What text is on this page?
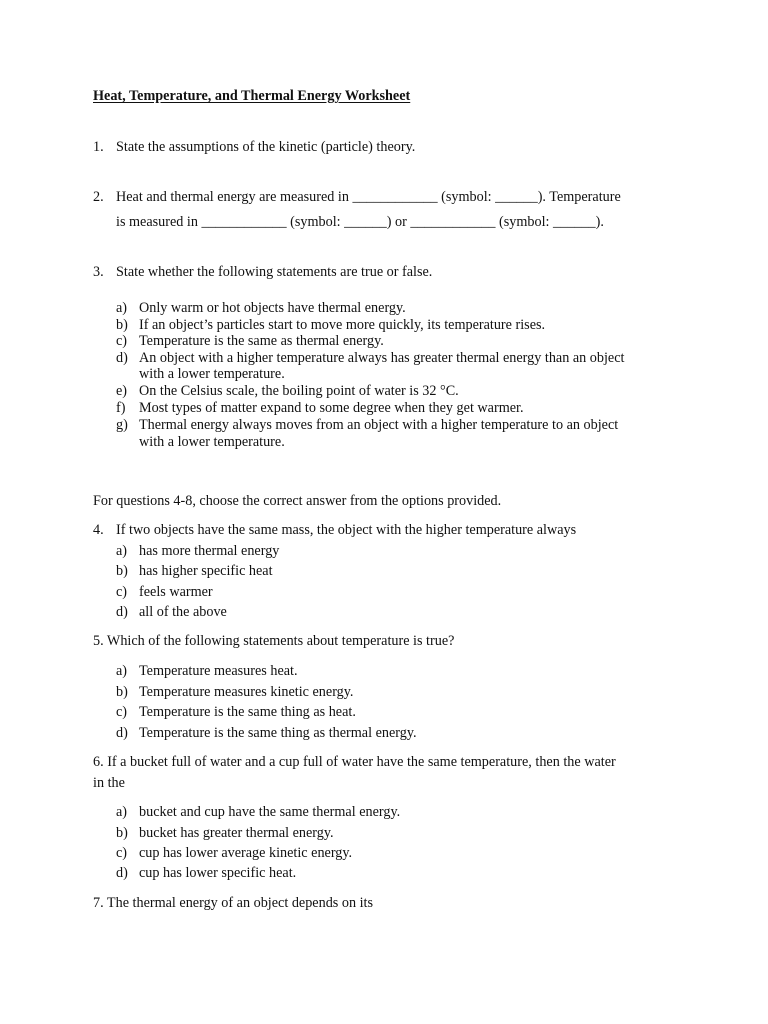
Heat, Temperature, and Thermal Energy Worksheet
1. State the assumptions of the kinetic (particle) theory.
2. Heat and thermal energy are measured in ____________ (symbol: ______). Temperature
is measured in ____________ (symbol: ______) or ____________ (symbol: ______).
3. State whether the following statements are true or false.
a) Only warm or hot objects have thermal energy.
b) If an object’s particles start to move more quickly, its temperature rises.
c) Temperature is the same as thermal energy.
d) An object with a higher temperature always has greater thermal energy than an object
with a lower temperature.
e) On the Celsius scale, the boiling point of water is 32 °C.
f) Most types of matter expand to some degree when they get warmer.
g) Thermal energy always moves from an object with a higher temperature to an object
with a lower temperature.
For questions 4-8, choose the correct answer from the options provided.
4. If two objects have the same mass, the object with the higher temperature always
a) has more thermal energy
b) has higher specific heat
c) feels warmer
d) all of the above
5. Which of the following statements about temperature is true?
a) Temperature measures heat.
b) Temperature measures kinetic energy.
c) Temperature is the same thing as heat.
d) Temperature is the same thing as thermal energy.
6. If a bucket full of water and a cup full of water have the same temperature, then the water
in the
a) bucket and cup have the same thermal energy.
b) bucket has greater thermal energy.
c) cup has lower average kinetic energy.
d) cup has lower specific heat.
7. The thermal energy of an object depends on its
